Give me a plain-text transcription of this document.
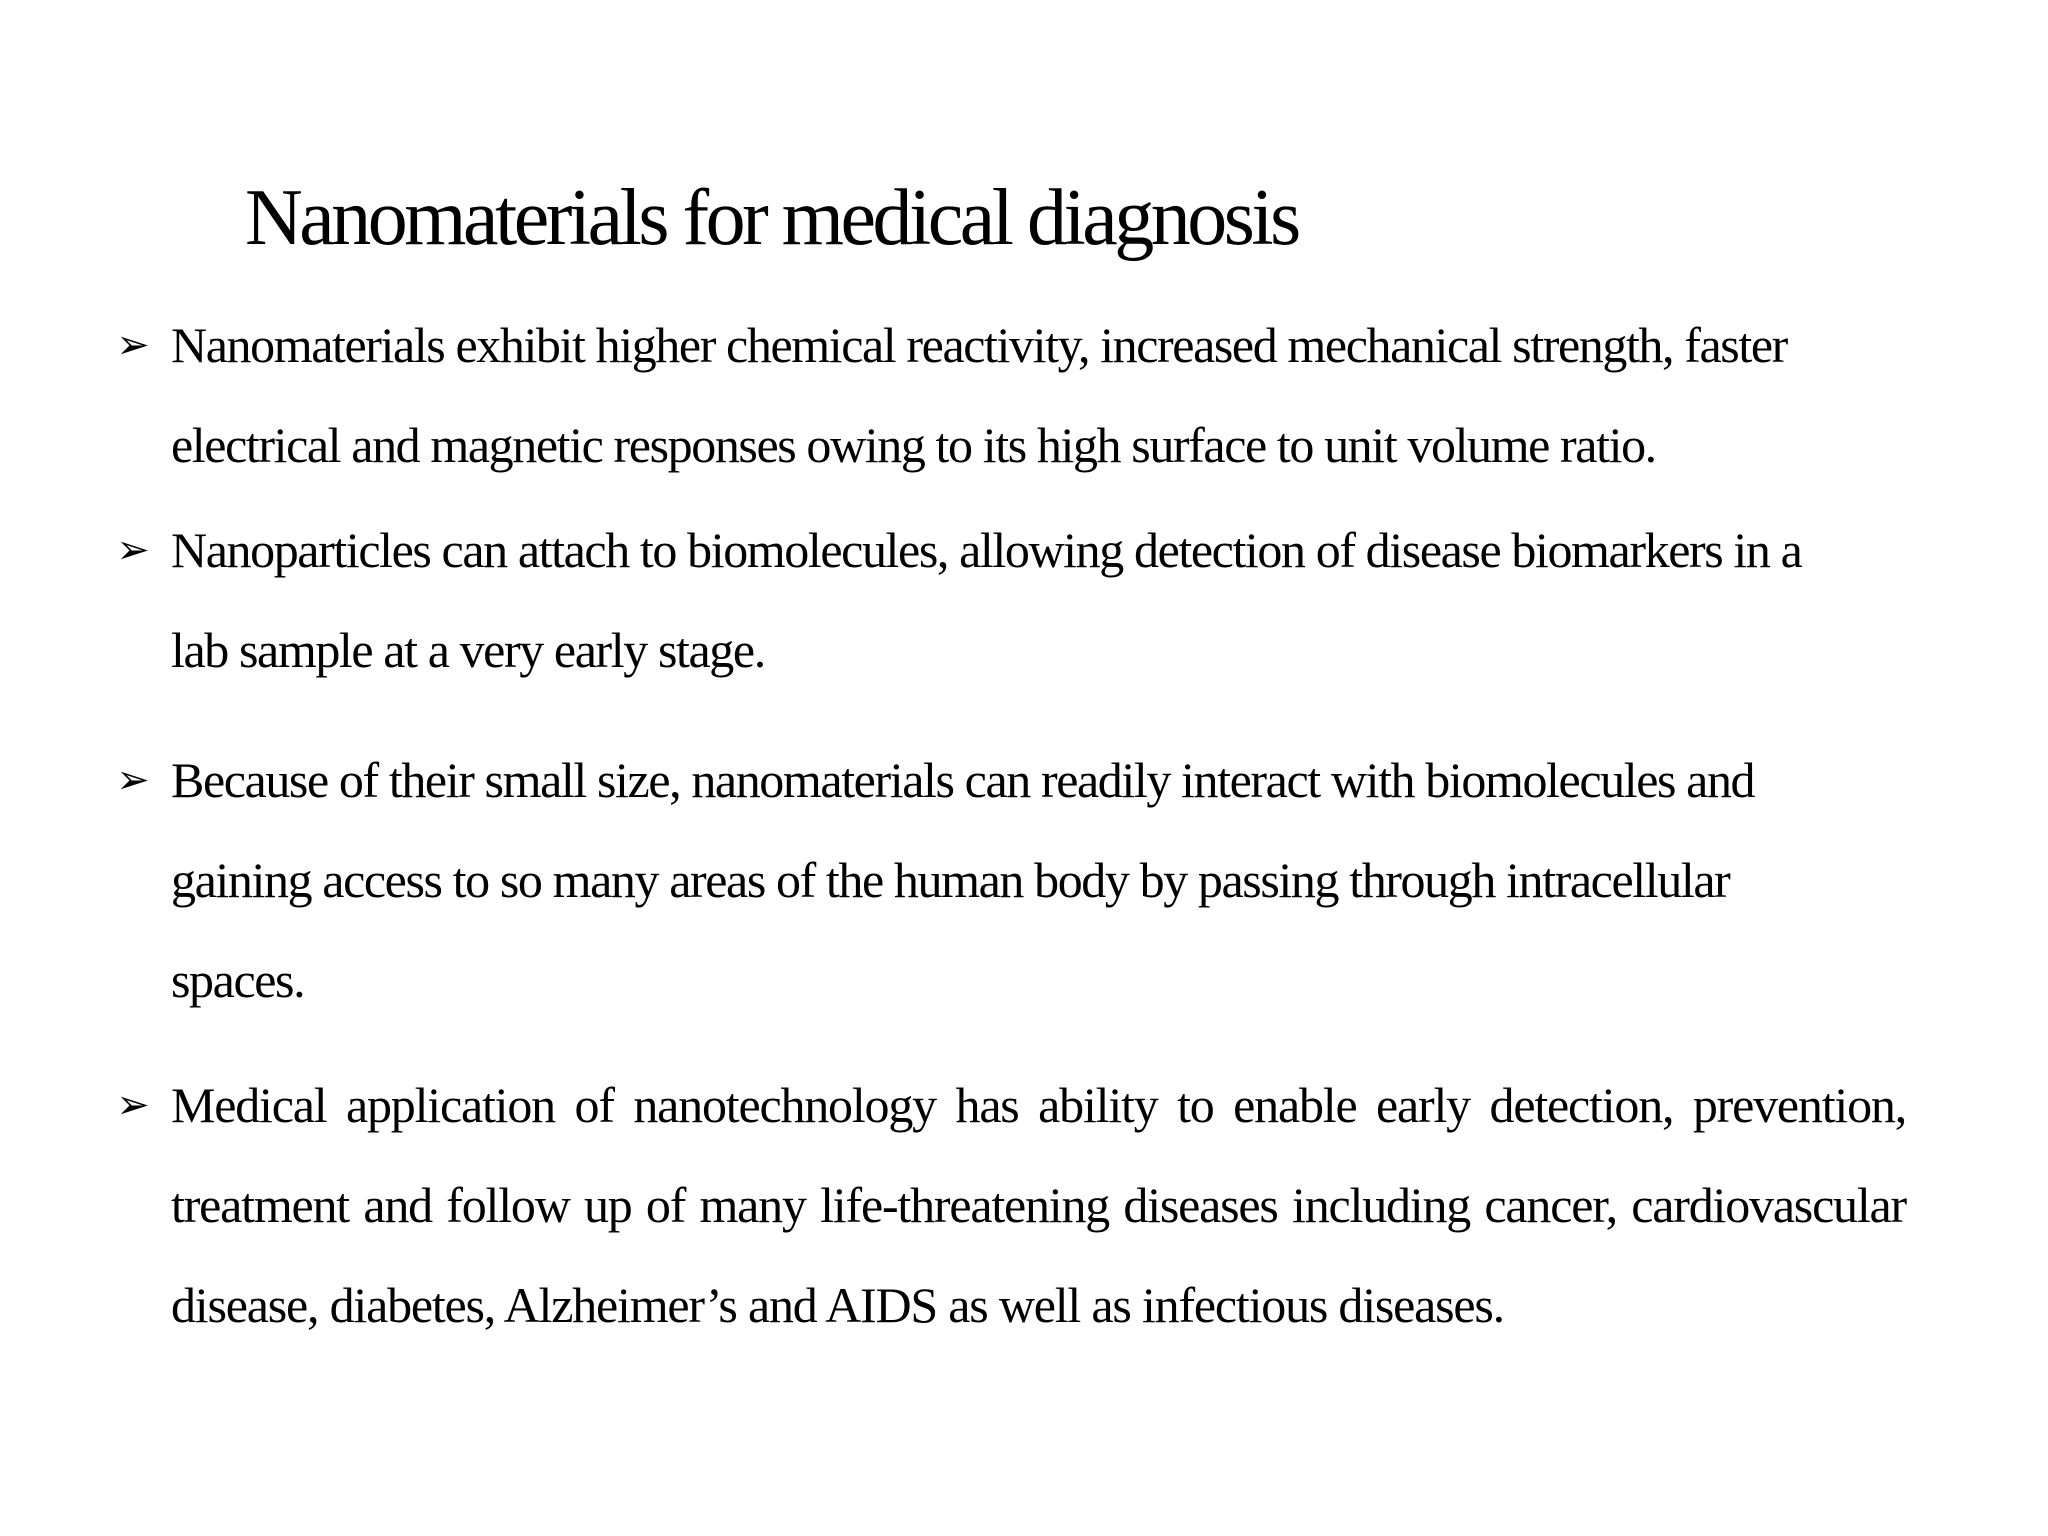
Nanomaterials for medical diagnosis
➢ Nanomaterials exhibit higher chemical reactivity, increased mechanical strength, faster electrical and magnetic responses owing to its high surface to unit volume ratio.

➢ Nanoparticles can attach to biomolecules, allowing detection of disease biomarkers in a lab sample at a very early stage.

➢ Because of their small size, nanomaterials can readily interact with biomolecules and gaining access to so many areas of the human body by passing through intracellular spaces.

➢ Medical application of nanotechnology has ability to enable early detection, prevention, treatment and follow up of many life-threatening diseases including cancer, cardiovascular disease, diabetes, Alzheimer’s and AIDS as well as infectious diseases.
